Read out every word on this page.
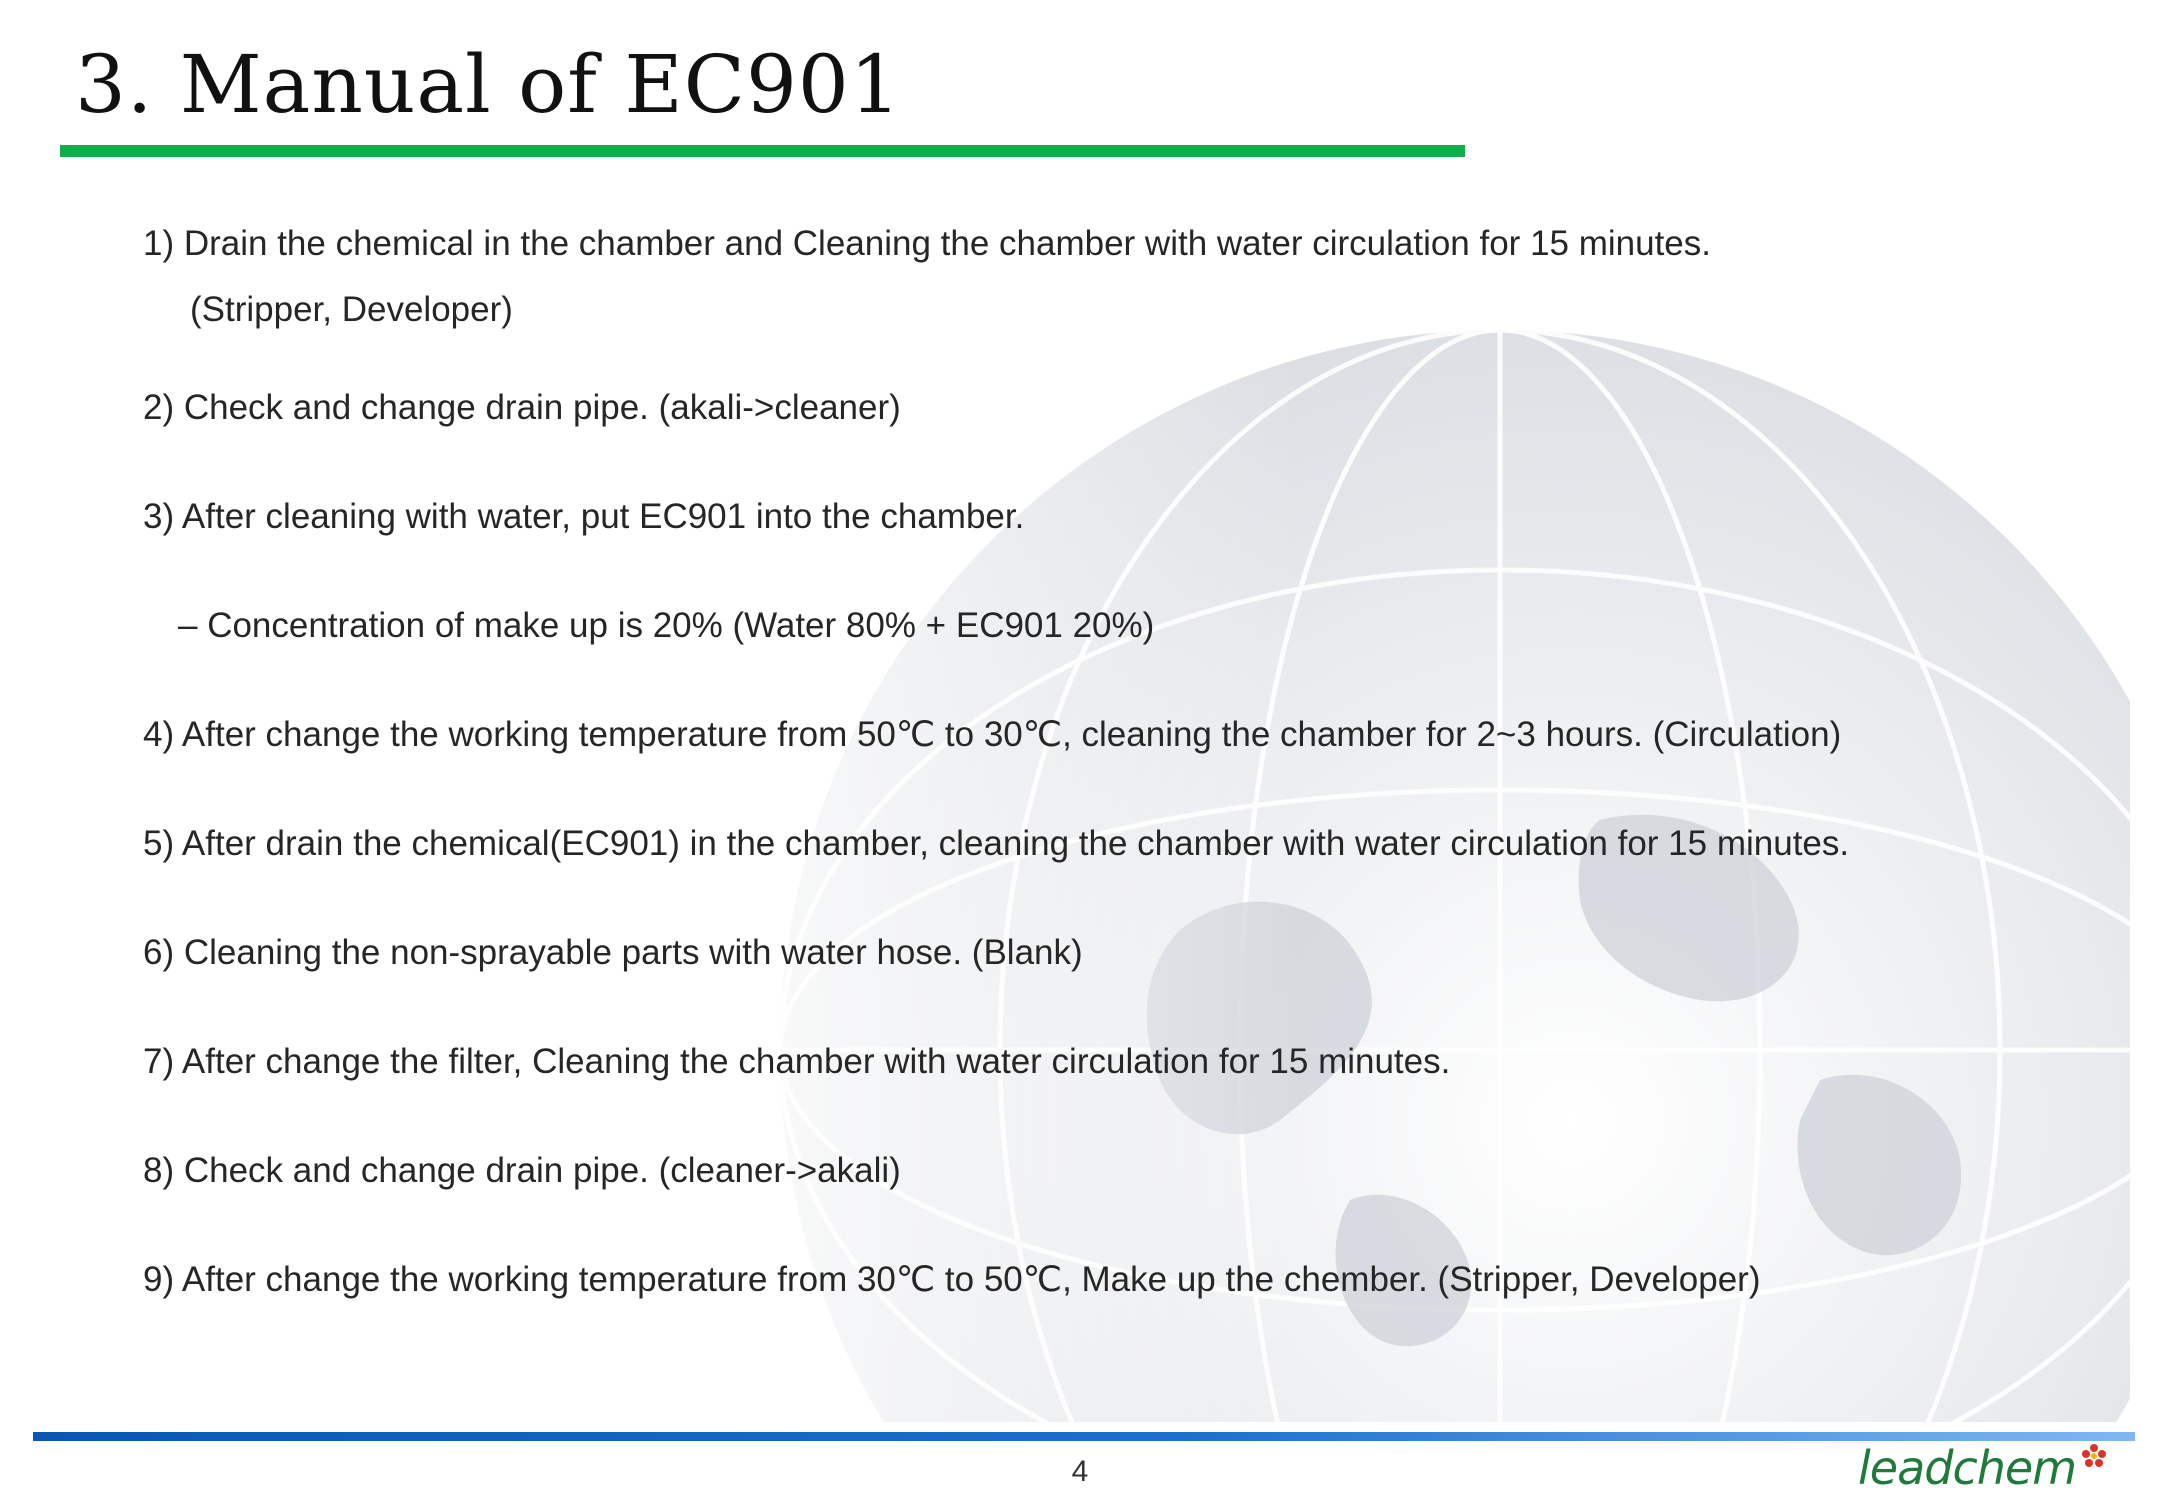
3. Manual of EC901
1) Drain the chemical in the chamber and Cleaning the chamber with water circulation for 15 minutes.
(Stripper, Developer)
2) Check and change drain pipe. (akali->cleaner)
3) After cleaning with water, put EC901 into the chamber.
– Concentration of make up is 20% (Water 80% + EC901 20%)
4) After change the working temperature from 50℃ to 30℃, cleaning the chamber for 2~3 hours. (Circulation)
5) After drain the chemical(EC901) in the chamber, cleaning the chamber with water circulation for 15 minutes.
6) Cleaning the non-sprayable parts with water hose. (Blank)
7) After change the filter, Cleaning the chamber with water circulation for 15 minutes.
8) Check and change drain pipe. (cleaner->akali)
9) After change the working temperature from 30℃ to 50℃, Make up the chember. (Stripper, Developer)
4	leadchem
